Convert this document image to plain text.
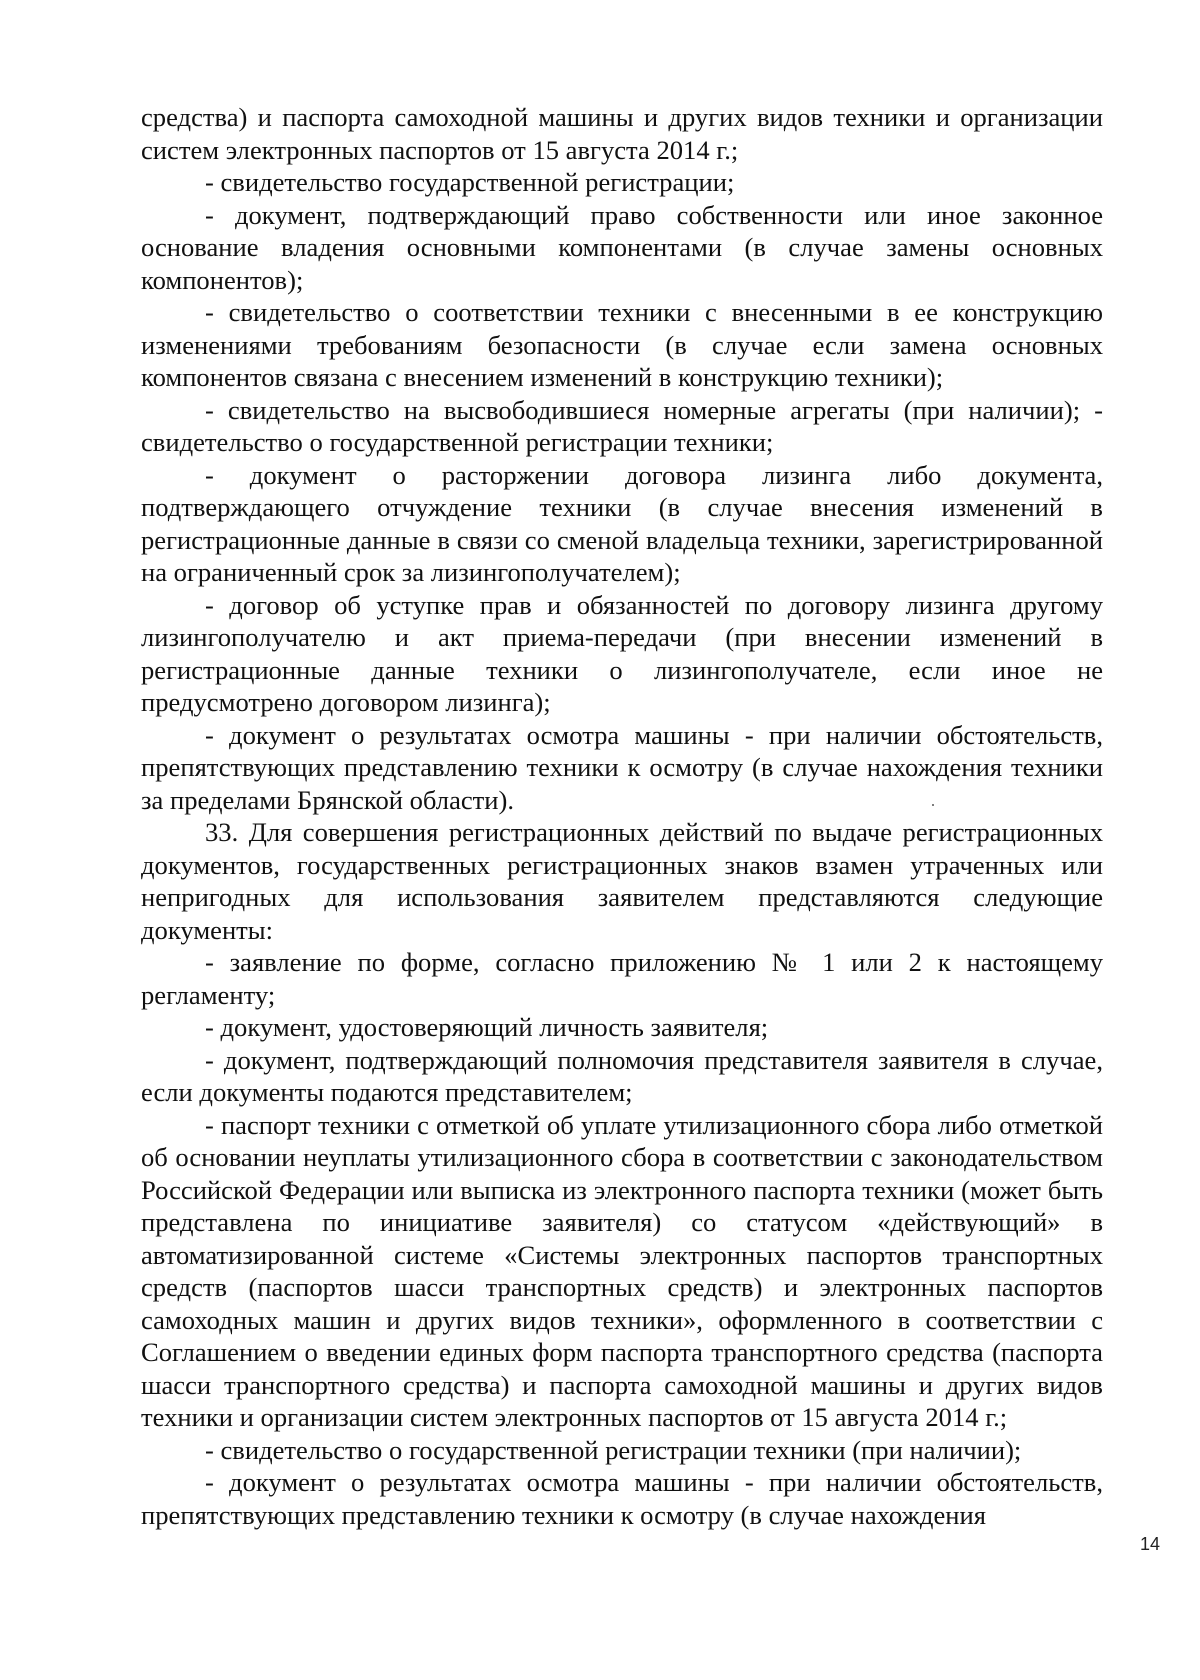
средства) и паспорта самоходной машины и других видов техники и организации систем электронных паспортов от 15 августа 2014 г.;

- свидетельство государственной регистрации;

- документ, подтверждающий право собственности или иное законное основание владения основными компонентами (в случае замены основных компонентов);

- свидетельство о соответствии техники с внесенными в ее конструкцию изменениями требованиям безопасности (в случае если замена основных компонентов связана с внесением изменений в конструкцию техники);

- свидетельство на высвободившиеся номерные агрегаты (при наличии); - свидетельство о государственной регистрации техники;

- документ о расторжении договора лизинга либо документа, подтверждающего отчуждение техники (в случае внесения изменений в регистрационные данные в связи со сменой владельца техники, зарегистрированной на ограниченный срок за лизингополучателем);

- договор об уступке прав и обязанностей по договору лизинга другому лизингополучателю и акт приема-передачи (при внесении изменений в регистрационные данные техники о лизингополучателе, если иное не предусмотрено договором лизинга);

- документ о результатах осмотра машины - при наличии обстоятельств, препятствующих представлению техники к осмотру (в случае нахождения техники за пределами Брянской области).

33. Для совершения регистрационных действий по выдаче регистрационных документов, государственных регистрационных знаков взамен утраченных или непригодных для использования заявителем представляются следующие документы:

- заявление по форме, согласно приложению № 1 или 2 к настоящему регламенту;

- документ, удостоверяющий личность заявителя;

- документ, подтверждающий полномочия представителя заявителя в случае, если документы подаются представителем;

- паспорт техники с отметкой об уплате утилизационного сбора либо отметкой об основании неуплаты утилизационного сбора в соответствии с законодательством Российской Федерации или выписка из электронного паспорта техники (может быть представлена по инициативе заявителя) со статусом «действующий» в автоматизированной системе «Системы электронных паспортов транспортных средств (паспортов шасси транспортных средств) и электронных паспортов самоходных машин и других видов техники», оформленного в соответствии с Соглашением о введении единых форм паспорта транспортного средства (паспорта шасси транспортного средства) и паспорта самоходной машины и других видов техники и организации систем электронных паспортов от 15 августа 2014 г.;

- свидетельство о государственной регистрации техники (при наличии);

- документ о результатах осмотра машины - при наличии обстоятельств, препятствующих представлению техники к осмотру (в случае нахождения

14
